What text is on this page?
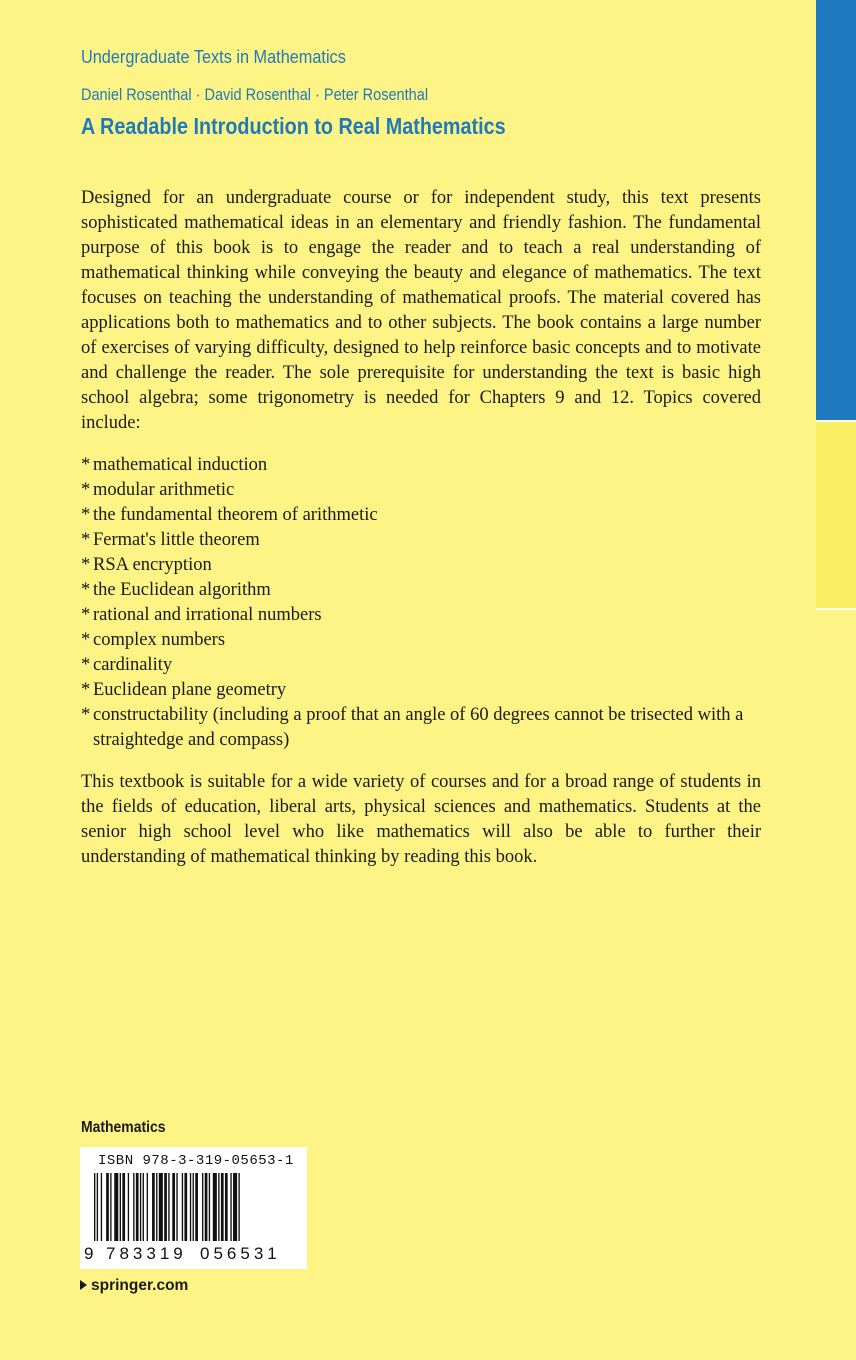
Undergraduate Texts in Mathematics
Daniel Rosenthal · David Rosenthal · Peter Rosenthal
A Readable Introduction to Real Mathematics

Designed for an undergraduate course or for independent study, this text presents sophisticated mathematical ideas in an elementary and friendly fashion. The fundamental purpose of this book is to engage the reader and to teach a real understanding of mathematical thinking while conveying the beauty and elegance of mathematics. The text focuses on teaching the understanding of mathematical proofs. The material covered has applications both to mathematics and to other subjects. The book contains a large number of exercises of varying difficulty, designed to help reinforce basic concepts and to motivate and challenge the reader. The sole prerequisite for understanding the text is basic high school algebra; some trigonometry is needed for Chapters 9 and 12. Topics covered include:

* mathematical induction
* modular arithmetic
* the fundamental theorem of arithmetic
* Fermat's little theorem
* RSA encryption
* the Euclidean algorithm
* rational and irrational numbers
* complex numbers
* cardinality
* Euclidean plane geometry
* constructability (including a proof that an angle of 60 degrees cannot be trisected with a straightedge and compass)

This textbook is suitable for a wide variety of courses and for a broad range of students in the fields of education, liberal arts, physical sciences and mathematics. Students at the senior high school level who like mathematics will also be able to further their understanding of mathematical thinking by reading this book.

Mathematics
ISBN 978-3-319-05653-1
9 783319 056531
springer.com
